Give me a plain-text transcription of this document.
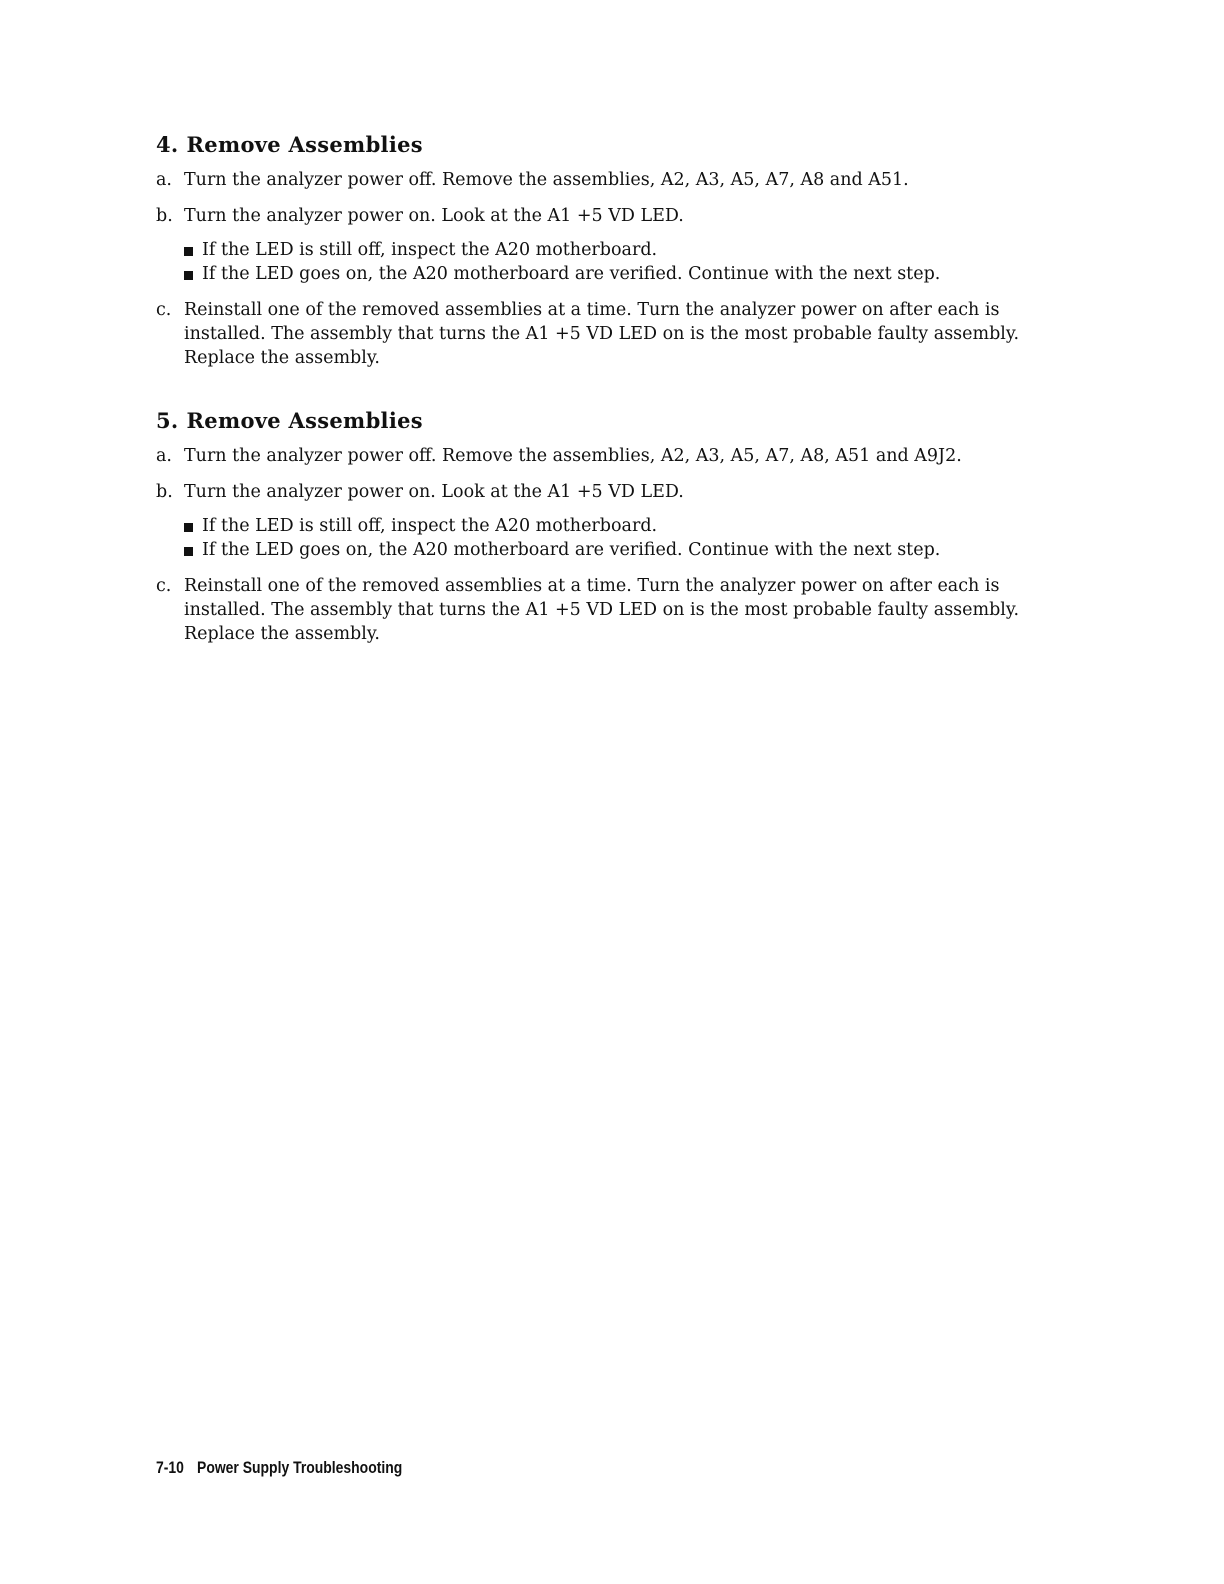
4. Remove Assemblies
a. Turn the analyzer power off. Remove the assemblies, A2, A3, A5, A7, A8 and A51.
b. Turn the analyzer power on. Look at the A1 +5 VD LED.
If the LED is still off, inspect the A20 motherboard.
If the LED goes on, the A20 motherboard are verified. Continue with the next step.
c. Reinstall one of the removed assemblies at a time. Turn the analyzer power on after each is installed. The assembly that turns the A1 +5 VD LED on is the most probable faulty assembly. Replace the assembly.
5. Remove Assemblies
a. Turn the analyzer power off. Remove the assemblies, A2, A3, A5, A7, A8, A51 and A9J2.
b. Turn the analyzer power on. Look at the A1 +5 VD LED.
If the LED is still off, inspect the A20 motherboard.
If the LED goes on, the A20 motherboard are verified. Continue with the next step.
c. Reinstall one of the removed assemblies at a time. Turn the analyzer power on after each is installed. The assembly that turns the A1 +5 VD LED on is the most probable faulty assembly. Replace the assembly.
7-10 Power Supply Troubleshooting
